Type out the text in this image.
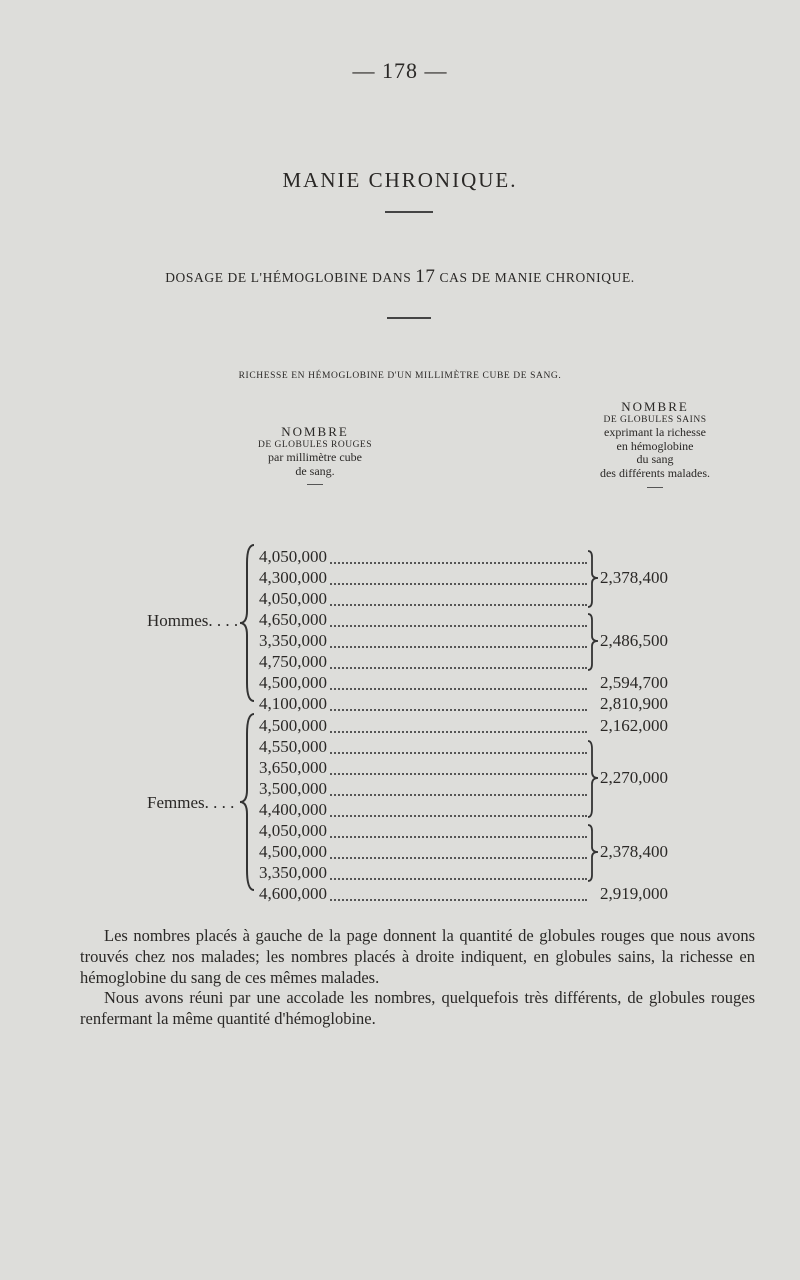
— 178 —
MANIE CHRONIQUE.
DOSAGE DE L'HÉMOGLOBINE DANS 17 CAS DE MANIE CHRONIQUE.
RICHESSE EN HÉMOGLOBINE D'UN MILLIMÈTRE CUBE DE SANG.
NOMBRE
DE GLOBULES ROUGES
par millimètre cube
de sang.
NOMBRE
DE GLOBULES SAINS
exprimant la richesse
en hémoglobine
du sang
des différents malades.
Hommes. . . .
4,050,000
4,300,000
4,050,000
4,650,000
3,350,000
4,750,000
4,500,000
4,100,000
2,378,400
2,486,500
2,594,700
2,810,900
Femmes. . . .
4,500,000
4,550,000
3,650,000
3,500,000
4,400,000
4,050,000
4,500,000
3,350,000
4,600,000
2,162,000
2,270,000
2,378,400
2,919,000
Les nombres placés à gauche de la page donnent la quantité de globules rouges que nous avons trouvés chez nos malades; les nombres placés à droite indiquent, en globules sains, la richesse en hémoglobine du sang de ces mêmes malades.
Nous avons réuni par une accolade les nombres, quelquefois très différents, de globules rouges renfermant la même quantité d'hémoglobine.
